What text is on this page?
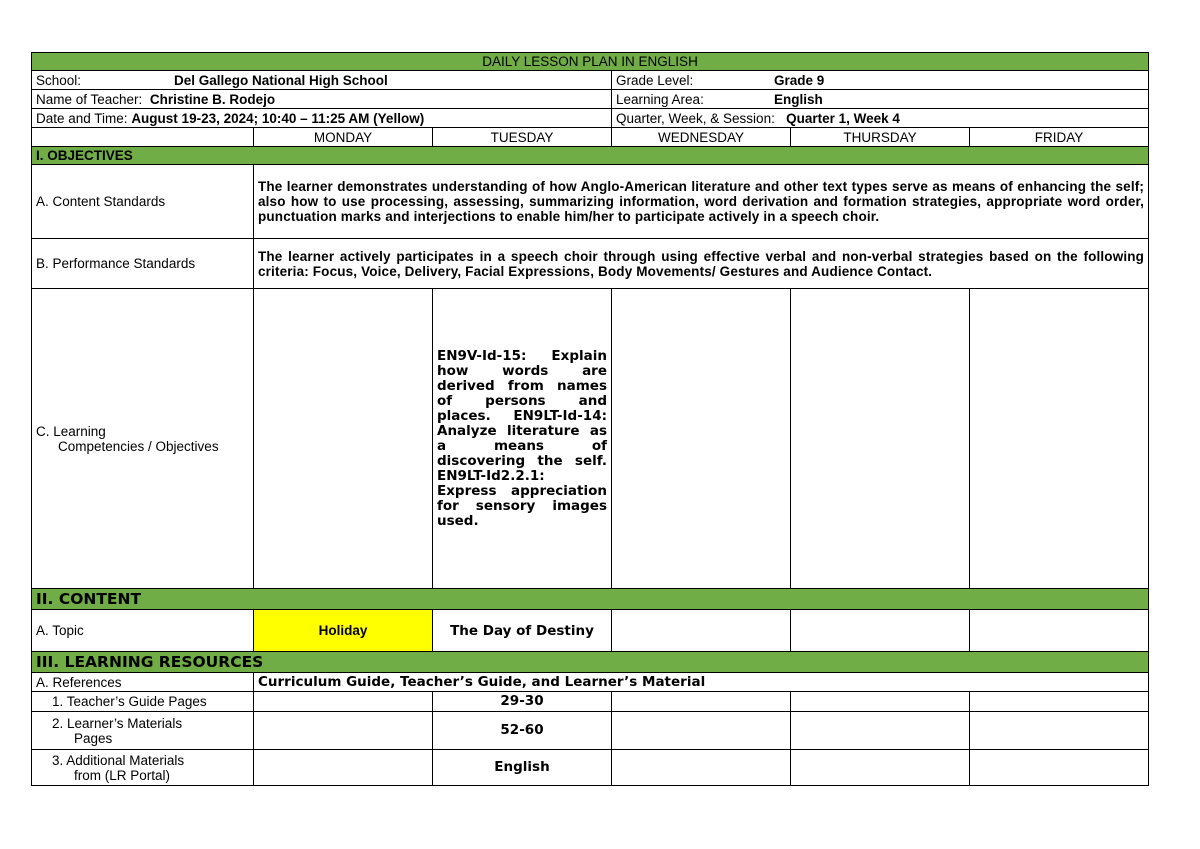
DAILY LESSON PLAN IN ENGLISH					
School: Del Gallego National High School			Grade Level: Grade 9		
Name of Teacher: Christine B. Rodejo			Learning Area: English		
Date and Time: August 19-23, 2024; 10:40 – 11:25 AM (Yellow)			Quarter, Week, & Session: Quarter 1, Week 4		
	MONDAY	TUESDAY	WEDNESDAY	THURSDAY	FRIDAY
I. OBJECTIVES					
A. Content Standards	The learner demonstrates understanding of how Anglo-American literature and other text types serve as means of enhancing the self; also how to use processing, assessing, summarizing information, word derivation and formation strategies, appropriate word order, punctuation marks and interjections to enable him/her to participate actively in a speech choir.				
B. Performance Standards	The learner actively participates in a speech choir through using effective verbal and non-verbal strategies based on the following criteria: Focus, Voice, Delivery, Facial Expressions, Body Movements/ Gestures and Audience Contact.				
C. Learning
Competencies / Objectives		EN9V-Id-15: Explain how words are derived from names of persons and places. EN9LT-Id-14: Analyze literature as a means of discovering the self. EN9LT-Id2.2.1: Express appreciation for sensory images used.			
II. CONTENT					
A. Topic	Holiday	The Day of Destiny			
III. LEARNING RESOURCES					
A. References	Curriculum Guide, Teacher’s Guide, and Learner’s Material				
1. Teacher’s Guide Pages		29-30			
2. Learner’s Materials
Pages		52-60			
3. Additional Materials
from (LR Portal)		English			
